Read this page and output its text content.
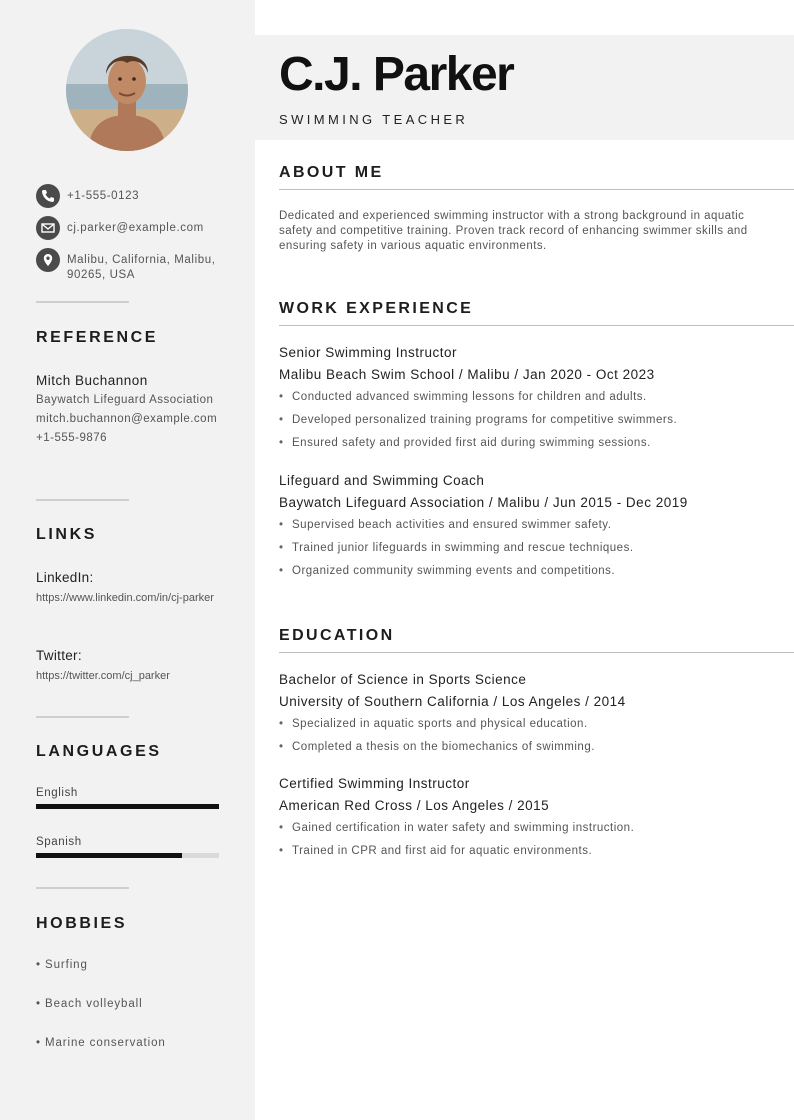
+1-555-0123
cj.parker@example.com
Malibu, California, Malibu, 90265, USA
REFERENCE
Mitch Buchannon
Baywatch Lifeguard Association
mitch.buchannon@example.com
+1-555-9876
LINKS
LinkedIn:
https://www.linkedin.com/in/cj-parker
Twitter:
https://twitter.com/cj_parker
LANGUAGES
English
Spanish
HOBBIES
• Surfing
• Beach volleyball
• Marine conservation
C.J. Parker
SWIMMING TEACHER
ABOUT ME
Dedicated and experienced swimming instructor with a strong background in aquatic safety and competitive training. Proven track record of enhancing swimmer skills and ensuring safety in various aquatic environments.
WORK EXPERIENCE
Senior Swimming Instructor
Malibu Beach Swim School / Malibu / Jan 2020 - Oct 2023
• Conducted advanced swimming lessons for children and adults.
• Developed personalized training programs for competitive swimmers.
• Ensured safety and provided first aid during swimming sessions.
Lifeguard and Swimming Coach
Baywatch Lifeguard Association / Malibu / Jun 2015 - Dec 2019
• Supervised beach activities and ensured swimmer safety.
• Trained junior lifeguards in swimming and rescue techniques.
• Organized community swimming events and competitions.
EDUCATION
Bachelor of Science in Sports Science
University of Southern California / Los Angeles / 2014
• Specialized in aquatic sports and physical education.
• Completed a thesis on the biomechanics of swimming.
Certified Swimming Instructor
American Red Cross / Los Angeles / 2015
• Gained certification in water safety and swimming instruction.
• Trained in CPR and first aid for aquatic environments.
